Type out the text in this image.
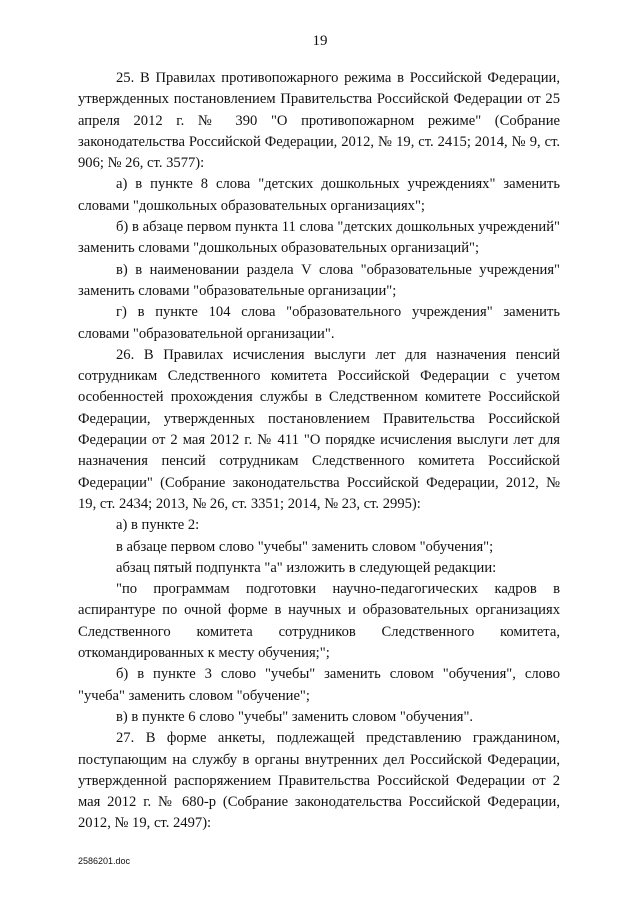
19

25. В Правилах противопожарного режима в Российской Федерации, утвержденных постановлением Правительства Российской Федерации от 25 апреля 2012 г. № 390 "О противопожарном режиме" (Собрание законодательства Российской Федерации, 2012, № 19, ст. 2415; 2014, № 9, ст. 906; № 26, ст. 3577):

а) в пункте 8 слова "детских дошкольных учреждениях" заменить словами "дошкольных образовательных организациях";

б) в абзаце первом пункта 11 слова "детских дошкольных учреждений" заменить словами "дошкольных образовательных организаций";

в) в наименовании раздела V слова "образовательные учреждения" заменить словами "образовательные организации";

г) в пункте 104 слова "образовательного учреждения" заменить словами "образовательной организации".

26. В Правилах исчисления выслуги лет для назначения пенсий сотрудникам Следственного комитета Российской Федерации с учетом особенностей прохождения службы в Следственном комитете Российской Федерации, утвержденных постановлением Правительства Российской Федерации от 2 мая 2012 г. № 411 "О порядке исчисления выслуги лет для назначения пенсий сотрудникам Следственного комитета Российской Федерации" (Собрание законодательства Российской Федерации, 2012, № 19, ст. 2434; 2013, № 26, ст. 3351; 2014, № 23, ст. 2995):

а) в пункте 2:

в абзаце первом слово "учебы" заменить словом "обучения";

абзац пятый подпункта "а" изложить в следующей редакции:

"по программам подготовки научно-педагогических кадров в аспирантуре по очной форме в научных и образовательных организациях Следственного комитета сотрудников Следственного комитета, откомандированных к месту обучения;";

б) в пункте 3 слово "учебы" заменить словом "обучения", слово "учеба" заменить словом "обучение";

в) в пункте 6 слово "учебы" заменить словом "обучения".

27. В форме анкеты, подлежащей представлению гражданином, поступающим на службу в органы внутренних дел Российской Федерации, утвержденной распоряжением Правительства Российской Федерации от 2 мая 2012 г. № 680-р (Собрание законодательства Российской Федерации, 2012, № 19, ст. 2497):

2586201.doc
